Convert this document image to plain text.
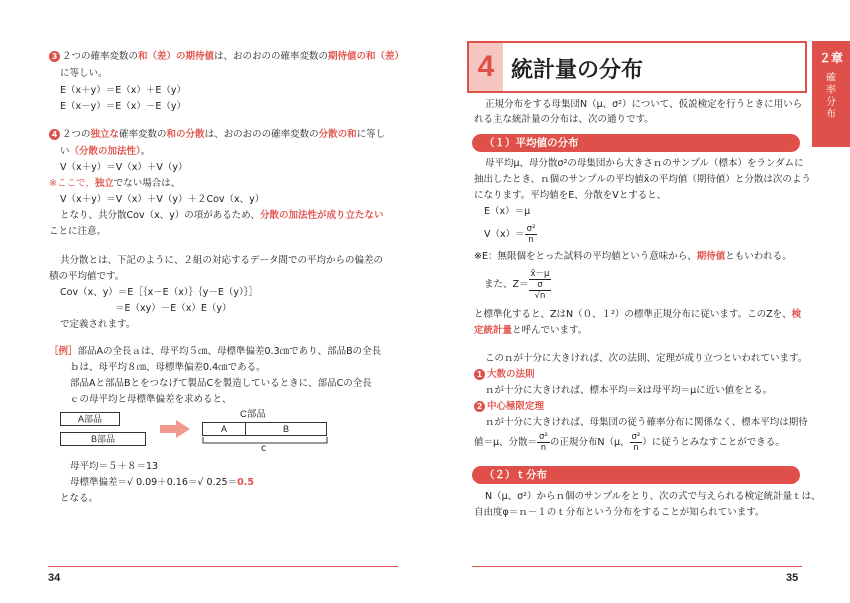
3 ２つの確率変数の和（差）の期待値は、おのおのの確率変数の期待値の和（差）
に等しい。
E（x＋y）＝E（x）＋E（y）
E（x－y）＝E（x）－E（y）
4 ２つの独立な確率変数の和の分散は、おのおのの確率変数の分散の和に等し
い（分散の加法性）。
V（x＋y）＝V（x）＋V（y）
※ここで、独立でない場合は、
V（x＋y）＝V（x）＋V（y）＋２Cov（x、y）
となり、共分散Cov（x、y）の項があるため、分散の加法性が成り立たない
ことに注意。
共分散とは、下記のように、２組の対応するデータ間での平均からの偏差の
積の平均値です。
Cov（x、y）＝E［｛x－E（x）｝｛y－E（y）｝］
＝E（xy）－E（x）E（y）
で定義されます。
［例］部品Aの全長ａは、母平均５㎝、母標準偏差0.3㎝であり、部品Bの全長
ｂは、母平均８㎝、母標準偏差0.4㎝である。
部品Aと部品Bとをつなげて製品Cを製造しているときに、部品Cの全長
ｃの母平均と母標準偏差を求めると、
A部品
B部品
C部品
A	B
c
母平均＝５＋８＝13
母標準偏差＝√ 0.09＋0.16＝√ 0.25＝0.5
となる。
34
4 統計量の分布	２章
確
率
分
布
正規分布をする母集団N（μ、σ²）について、仮説検定を行うときに用いら
れる主な統計量の分布は、次の通りです。
（１）平均値の分布
母平均μ、母分散σ²の母集団から大きさｎのサンプル（標本）をランダムに
抽出したとき、ｎ個のサンプルの平均値x̄の平均値（期待値）と分散は次のよう
になります。平均値をE、分散をVとすると、
E（x）＝μ
$V(x)= \frac{\text{σ²}}{n}$
※E：無限個をとった試料の平均値という意味から、期待値ともいわれる。
また、Z＝
x̄－μ
σ
√n
と標準化すると、ZはN（０、１²）の標準正規分布に従います。このZを、検
定統計量と呼んでいます。
このｎが十分に大きければ、次の法則、定理が成り立つといわれています。
1 大数の法則
ｎが十分に大きければ、標本平均＝x̄は母平均＝μに近い値をとる。
2 中心極限定理
ｎが十分に大きければ、母集団の従う確率分布に関係なく、標本平均は期待
値＝μ、分散＝ $\frac{\text{σ²}}{n}$ の正規分布N（μ、 $\frac{\text{σ²}}{n}$ ）に従うとみなすことができる。
（２）ｔ分布
N（μ、σ²）からｎ個のサンプルをとり、次の式で与えられる検定統計量ｔは、
自由度φ＝ｎ－１のｔ分布という分布をすることが知られています。
35
